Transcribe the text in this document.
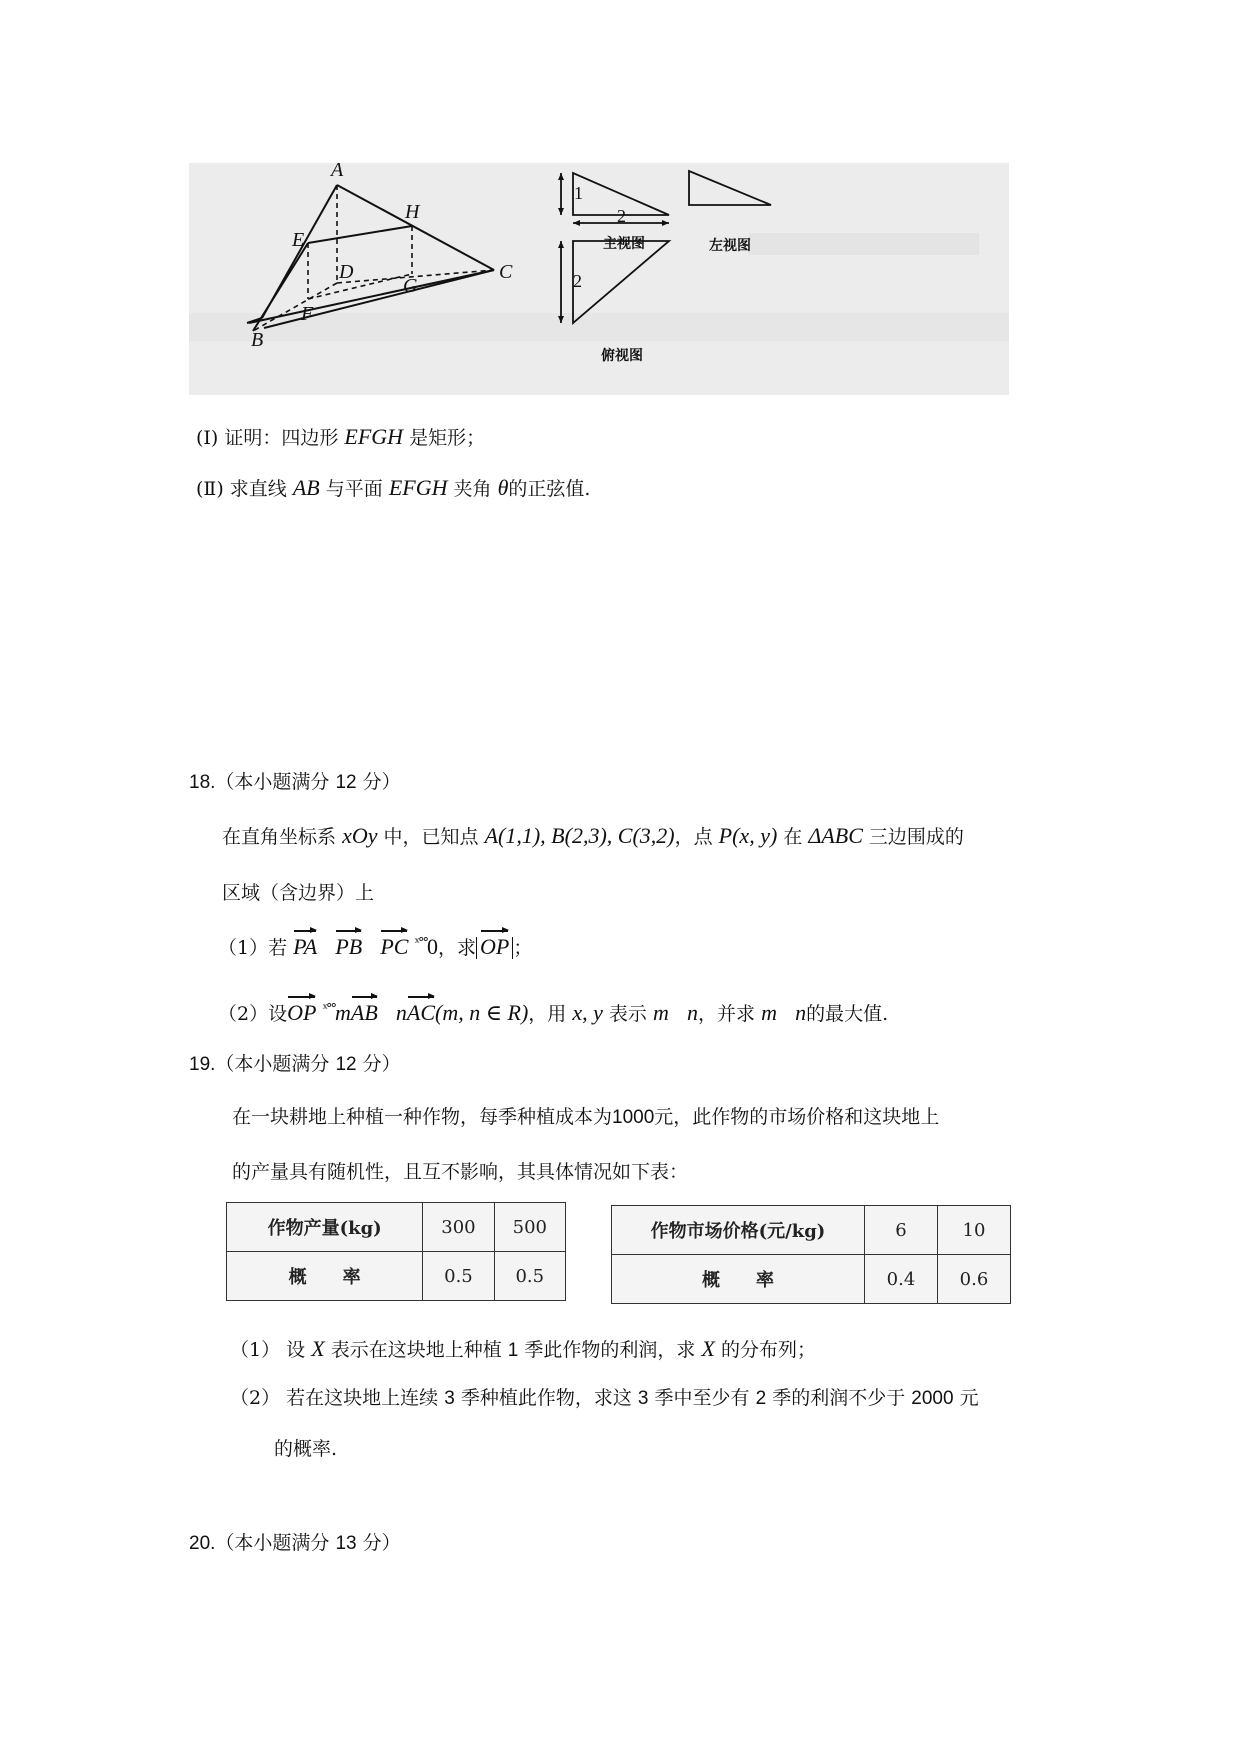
A
H
E
D	C
G
F
B
1
2
2
主视图	左视图
俯视图
(Ⅰ) 证明：四边形 EFGH 是矩形；
(Ⅱ) 求直线 AB 与平面 EFGH 夹角 θ的正弦值.
18.（本小题满分 12 分）
在直角坐标系 xOy 中，已知点 A(1,1), B(2,3), C(3,2)，点 P(x, y) 在 ΔABC 三边围成的
区域（含边界）上
（1）若 PA PB PC $^{ˣ^\circ^\circ}$0，求 OP ；
（2）设OP $^{ˣ^\circ^\circ}$mAB nAC(m, n ∈ R)，用 x, y 表示 m n，并求 m n的最大值.
19.（本小题满分 12 分）
在一块耕地上种植一种作物，每季种植成本为1000元，此作物的市场价格和这块地上
的产量具有随机性，且互不影响，其具体情况如下表：
作物产量(kg)	300	500
概　　率	0.5	0.5
作物市场价格(元/kg)	6	10
概　　率	0.4	0.6
（1） 设 X 表示在这块地上种植 1 季此作物的利润，求 X 的分布列；
（2） 若在这块地上连续 3 季种植此作物，求这 3 季中至少有 2 季的利润不少于 2000 元
的概率.
20.（本小题满分 13 分）
